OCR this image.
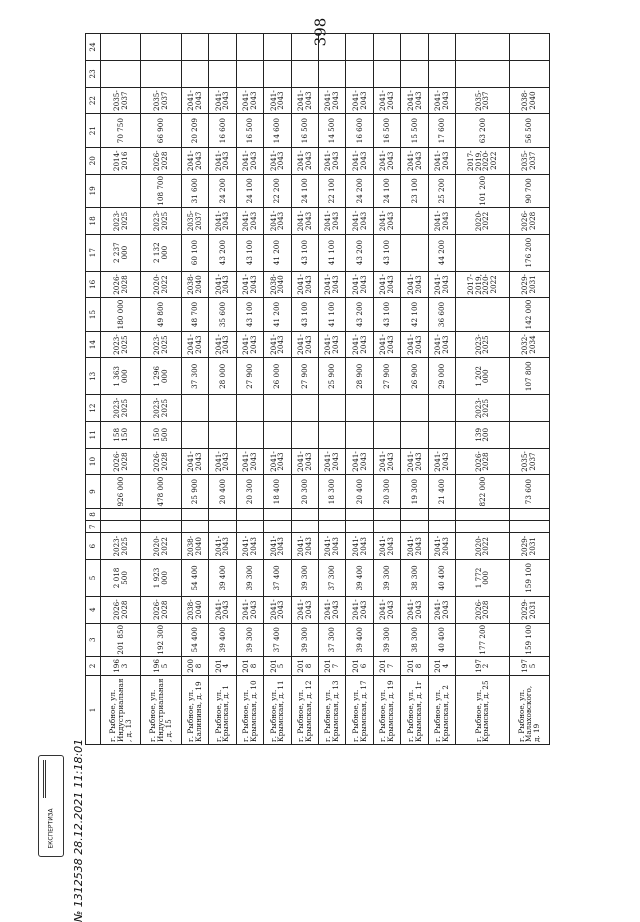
398
1	2	3	4	5	6	7	8	9	10	11	12	13	14	15	16	17	18	19	20	21	22	23	24
г. Рыбное, ул. Индустриальная, д. 13	1963	201 850	2026-2028	2 018 500	2023-2025			926 000	2026-2028	158 150	2023-2025	1 363 000	2023-2025	180 000	2026-2028	2 237 000	2023-2025		2014-2016	70 750	2035-2037		
г. Рыбное, ул. Индустриальная, д. 15	1965	192 300	2026-2028	1 923 000	2020-2022			478 000	2026-2028	150 500	2023-2025	1 296 000	2023-2025	49 800	2020-2022	2 132 000	2023-2025	108 700	2026-2028	66 900	2035-2037		
г. Рыбное, ул. Калинина, д. 19	2008	54 400	2038-2040	54 400	2038-2040			25 900	2041-2043			37 300	2041-2043	48 700	2038-2040	60 100	2035-2037	31 600	2041-2043	20 209	2041-2043		
г. Рыбное, ул. Крымская, д. 1	2014	39 400	2041-2043	39 400	2041-2043			20 400	2041-2043			28 000	2041-2043	35 600	2041-2043	43 200	2041-2043	24 200	2041-2043	16 600	2041-2043		
г. Рыбное, ул. Крымская, д. 10	2018	39 300	2041-2043	39 300	2041-2043			20 300	2041-2043			27 900	2041-2043	43 100	2041-2043	43 100	2041-2043	24 100	2041-2043	16 500	2041-2043		
г. Рыбное, ул. Крымская, д. 11	2015	37 400	2041-2043	37 400	2041-2043			18 400	2041-2043			26 000	2041-2043	41 200	2038-2040	41 200	2041-2043	22 200	2041-2043	14 600	2041-2043		
г. Рыбное, ул. Крымская, д. 12	2018	39 300	2041-2043	39 300	2041-2043			20 300	2041-2043			27 900	2041-2043	43 100	2041-2043	43 100	2041-2043	24 100	2041-2043	16 500	2041-2043		
г. Рыбное, ул. Крымская, д. 13	2017	37 300	2041-2043	37 300	2041-2043			18 300	2041-2043			25 900	2041-2043	41 100	2041-2043	41 100	2041-2043	22 100	2041-2043	14 500	2041-2043		
г. Рыбное, ул. Крымская, д. 17	2016	39 400	2041-2043	39 400	2041-2043			20 400	2041-2043			28 900	2041-2043	43 200	2041-2043	43 200	2041-2043	24 200	2041-2043	16 600	2041-2043		
г. Рыбное, ул. Крымская, д. 19	2017	39 300	2041-2043	39 300	2041-2043			20 300	2041-2043			27 900	2041-2043	43 100	2041-2043	43 100	2041-2043	24 100	2041-2043	16 500	2041-2043		
г. Рыбное, ул. Крымская, д. 1г	2018	38 300	2041-2043	38 300	2041-2043			19 300	2041-2043			26 900	2041-2043	42 100	2041-2043			23 100	2041-2043	15 500	2041-2043		
г. Рыбное, ул. Крымская, д. 2	2014	40 400	2041-2043	40 400	2041-2043			21 400	2041-2043			29 000	2041-2043	36 600	2041-2043	44 200	2041-2043	25 200	2041-2043	17 600	2041-2043		
г. Рыбное, ул. Крымская, д. 25	1972	177 200	2026-2028	1 772 000	2020-2022			822 000	2026-2028	139 200	2023-2025	1 202 000	2023-2025		2017-2019, 2020-2022		2020-2022	101 200	2017-2019, 2020-2022	63 200	2035-2037		
г. Рыбное, ул. Малаховского, д. 19	1975	159 100	2029-2031	159 100	2029-2031			73 600	2035-2037			107 800	2032-2034	142 000	2029-2031	176 200	2026-2028	90 700	2035-2037	56 500	2038-2040		
ЕКСПЕРТИЗА № 1312538 28.12.2021 11:18:01
